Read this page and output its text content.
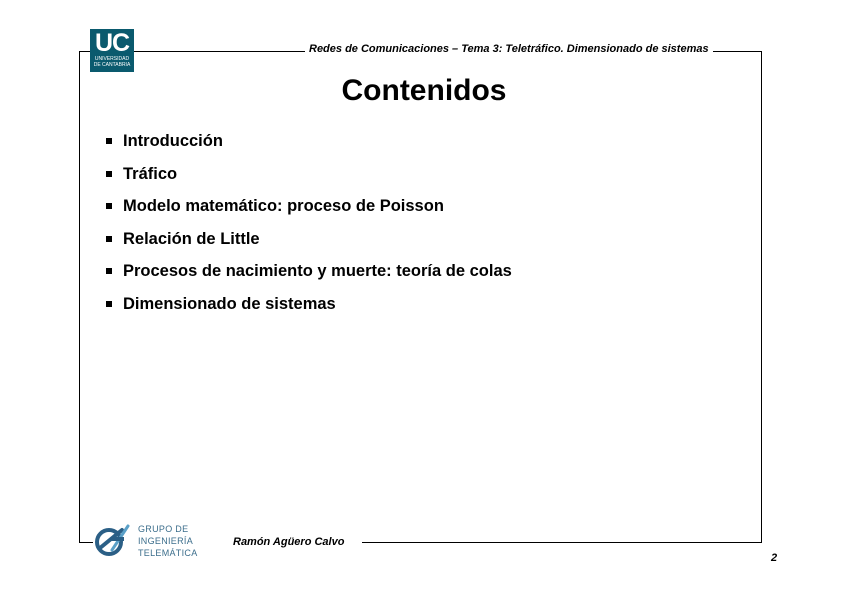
UC
UNIVERSIDAD
DE CANTABRIA
Redes de Comunicaciones – Tema 3: Teletráfico. Dimensionado de sistemas
Contenidos
Introducción
Tráfico
Modelo matemático: proceso de Poisson
Relación de Little
Procesos de nacimiento y muerte: teoría de colas
Dimensionado de sistemas
GRUPO DE
INGENIERÍA
TELEMÁTICA
Ramón Agüero Calvo
2
